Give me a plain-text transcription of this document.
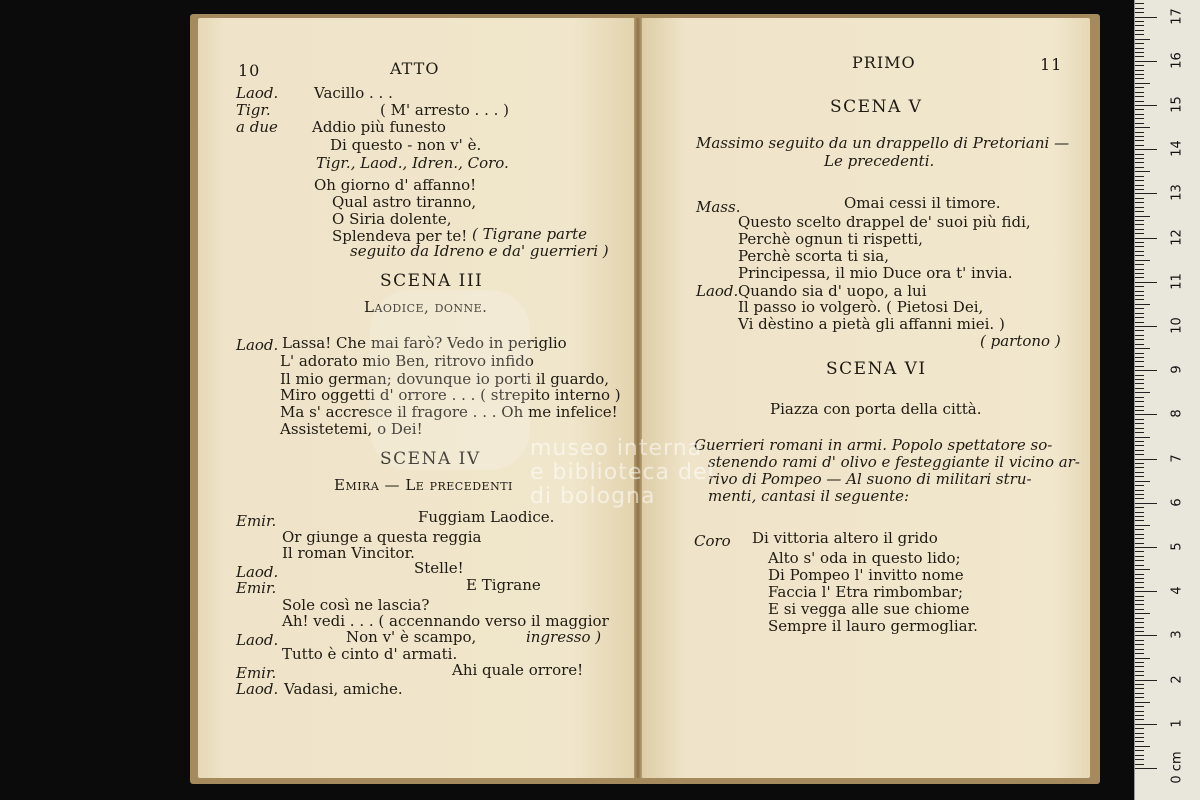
10	ATTO
Laod. Vacillo . . .
Tigr.	( M' arresto . . . )
a due Addio più funesto
Di questo - non v' è.
Tigr., Laod., Idren., Coro.
Oh giorno d' affanno!
Qual astro tiranno,
O Siria dolente,
Splendeva per te! ( Tigrane parte
seguito da Idreno e da' guerrieri )
SCENA III
Laodice, donne.
Laod. Lassa! Che mai farò? Vedo in periglio
L' adorato mio Ben, ritrovo infido
Il mio german; dovunque io porti il guardo,
Miro oggetti d' orrore . . . ( strepito interno )
Ma s' accresce il fragore . . . Oh me infelice!
Assistetemi, o Dei!
SCENA IV
Emira — Le precedenti
Emir.	Fuggiam Laodice.
Or giunge a questa reggia
Il roman Vincitor.
Laod.	Stelle!
Emir.	E Tigrane
Sole così ne lascia?
Ah! vedi . . . ( accennando verso il maggior
Laod.	Non v' è scampo,	ingresso )
Tutto è cinto d' armati.
Emir.	Ahi quale orrore!
Laod. Vadasi, amiche.
PRIMO	11
SCENA V
Massimo seguito da un drappello di Pretoriani —
Le precedenti.
Mass.	Omai cessi il timore.
Questo scelto drappel de' suoi più fidi,
Perchè ognun ti rispetti,
Perchè scorta ti sia,
Principessa, il mio Duce ora t' invia.
Laod. Quando sia d' uopo, a lui
Il passo io volgerò. ( Pietosi Dei,
Vi dèstino a pietà gli affanni miei. )
( partono )
SCENA VI
Piazza con porta della città.
Guerrieri romani in armi. Popolo spettatore so-
stenendo rami d' olivo e festeggiante il vicino ar-
rivo di Pompeo — Al suono di militari stru-
menti, cantasi il seguente:
Coro Di vittoria altero il grido
Alto s' oda in questo lido;
Di Pompeo l' invitto nome
Faccia l' Etra rimbombar;
E si vegga alle sue chiome
Sempre il lauro germogliar.
museo interna
e biblioteca del
di bologna
0 cm
1
2
3
4
5
6
7
8
9
10
11
12
13
14
15
16
17
